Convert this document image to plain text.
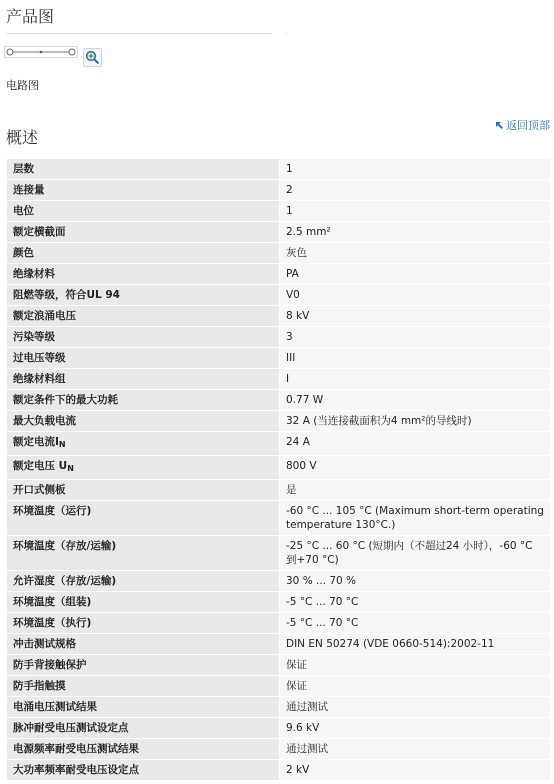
产品图
电路图
概述
返回顶部
层数	1
连接量	2
电位	1
额定横截面	2.5 mm²
颜色	灰色
绝缘材料	PA
阻燃等级，符合UL 94	V0
额定浪涌电压	8 kV
污染等级	3
过电压等级	III
绝缘材料组	I
额定条件下的最大功耗	0.77 W
最大负载电流	32 A (当连接截面积为4 mm²的导线时)
额定电流$I_N$	24 A
额定电压 $U_N$	800 V
开口式侧板	是
环境温度（运行)	-60 °C ... 105 °C (Maximum short-term operating temperature 130°C.)
环境温度（存放/运输)	-25 °C ... 60 °C (短期内（不超过24 小时），-60 °C 到+70 °C)
允许湿度（存放/运输)	30 % ... 70 %
环境温度（组装)	-5 °C ... 70 °C
环境温度（执行)	-5 °C ... 70 °C
冲击测试规格	DIN EN 50274 (VDE 0660-514):2002-11
防手背接触保护	保证
防手指触摸	保证
电涌电压测试结果	通过测试
脉冲耐受电压测试设定点	9.6 kV
电源频率耐受电压测试结果	通过测试
大功率频率耐受电压设定点	2 kV
